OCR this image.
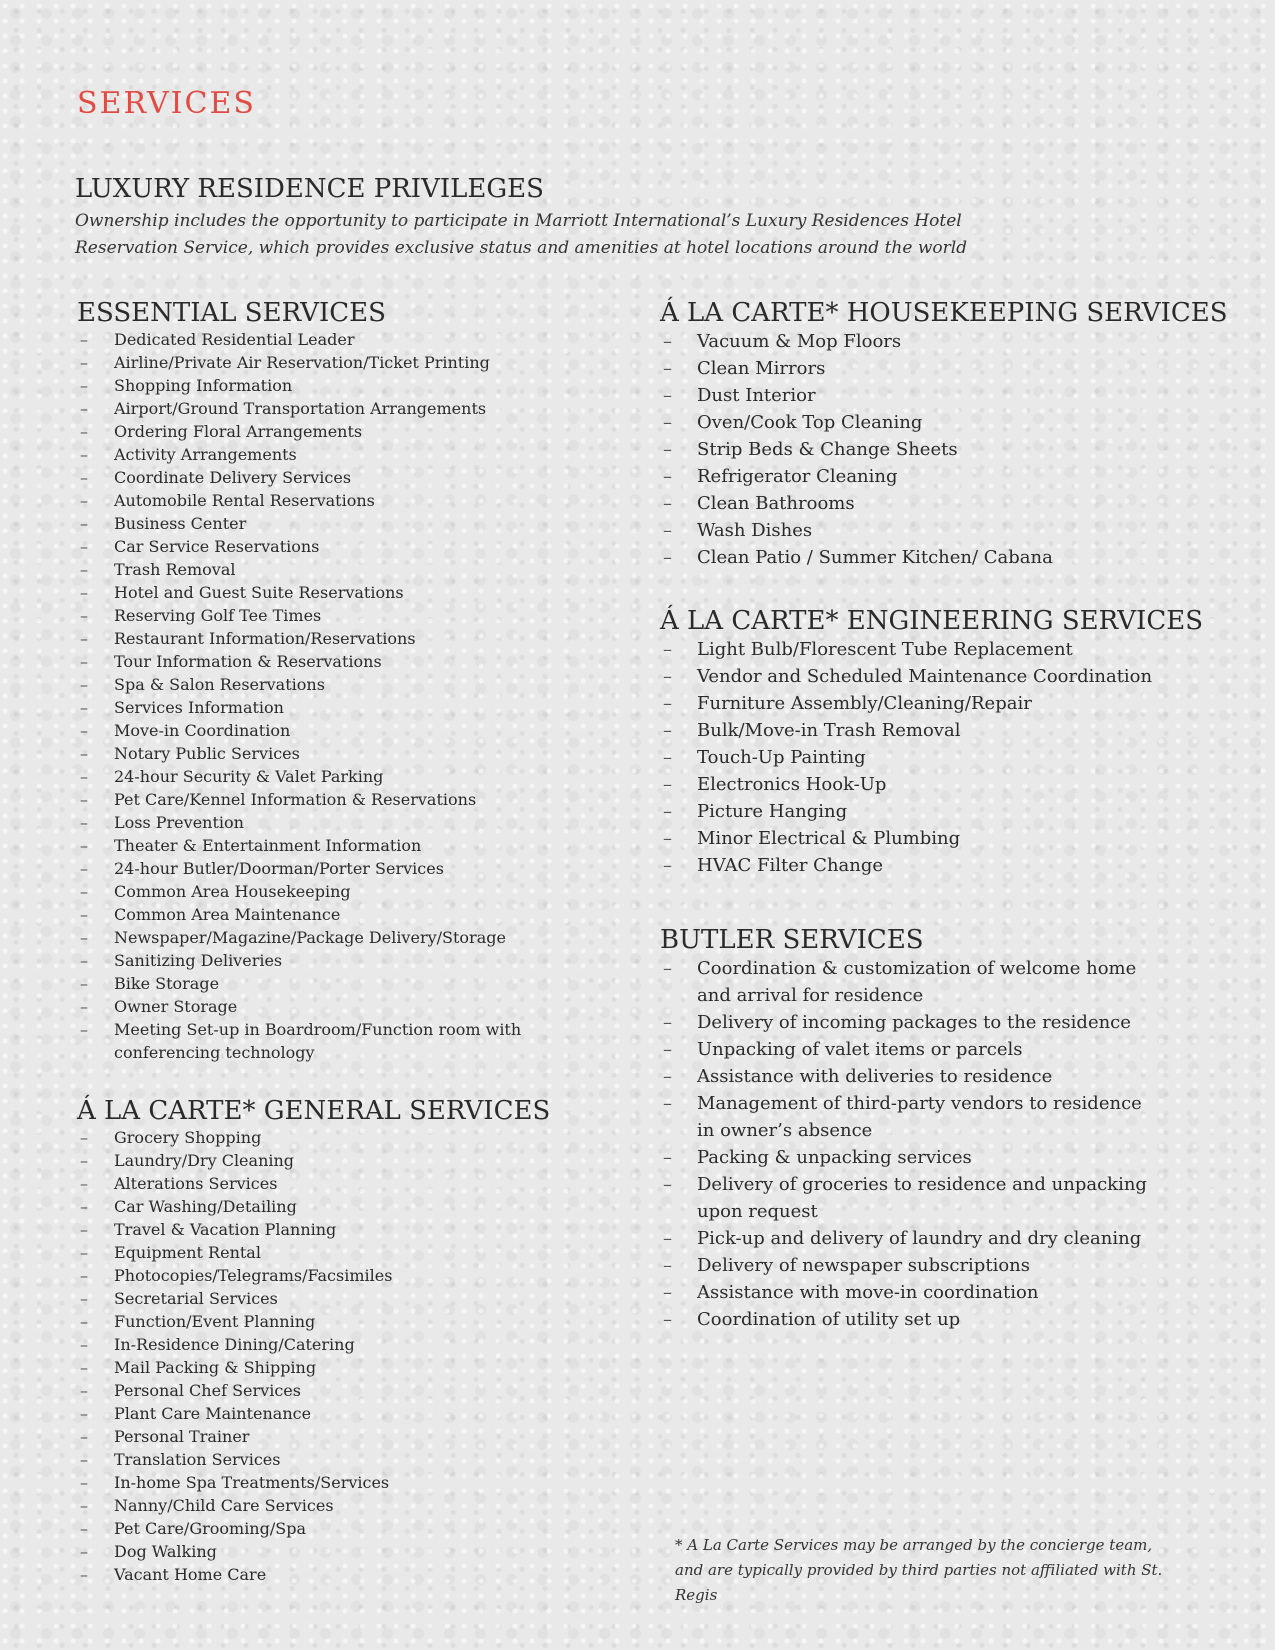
SERVICES
LUXURY RESIDENCE PRIVILEGES
Ownership includes the opportunity to participate in Marriott International’s Luxury Residences Hotel Reservation Service, which provides exclusive status and amenities at hotel locations around the world
ESSENTIAL SERVICES
– Dedicated Residential Leader
– Airline/Private Air Reservation/Ticket Printing
– Shopping Information
– Airport/Ground Transportation Arrangements
– Ordering Floral Arrangements
– Activity Arrangements
– Coordinate Delivery Services
– Automobile Rental Reservations
– Business Center
– Car Service Reservations
– Trash Removal
– Hotel and Guest Suite Reservations
– Reserving Golf Tee Times
– Restaurant Information/Reservations
– Tour Information & Reservations
– Spa & Salon Reservations
– Services Information
– Move-in Coordination
– Notary Public Services
– 24-hour Security & Valet Parking
– Pet Care/Kennel Information & Reservations
– Loss Prevention
– Theater & Entertainment Information
– 24-hour Butler/Doorman/Porter Services
– Common Area Housekeeping
– Common Area Maintenance
– Newspaper/Magazine/Package Delivery/Storage
– Sanitizing Deliveries
– Bike Storage
– Owner Storage
– Meeting Set-up in Boardroom/Function room with conferencing technology
Á LA CARTE* GENERAL SERVICES
– Grocery Shopping
– Laundry/Dry Cleaning
– Alterations Services
– Car Washing/Detailing
– Travel & Vacation Planning
– Equipment Rental
– Photocopies/Telegrams/Facsimiles
– Secretarial Services
– Function/Event Planning
– In-Residence Dining/Catering
– Mail Packing & Shipping
– Personal Chef Services
– Plant Care Maintenance
– Personal Trainer
– Translation Services
– In-home Spa Treatments/Services
– Nanny/Child Care Services
– Pet Care/Grooming/Spa
– Dog Walking
– Vacant Home Care
Á LA CARTE* HOUSEKEEPING SERVICES
– Vacuum & Mop Floors
– Clean Mirrors
– Dust Interior
– Oven/Cook Top Cleaning
– Strip Beds & Change Sheets
– Refrigerator Cleaning
– Clean Bathrooms
– Wash Dishes
– Clean Patio / Summer Kitchen/ Cabana
Á LA CARTE* ENGINEERING SERVICES
– Light Bulb/Florescent Tube Replacement
– Vendor and Scheduled Maintenance Coordination
– Furniture Assembly/Cleaning/Repair
– Bulk/Move-in Trash Removal
– Touch-Up Painting
– Electronics Hook-Up
– Picture Hanging
– Minor Electrical & Plumbing
– HVAC Filter Change
BUTLER SERVICES
– Coordination & customization of welcome home and arrival for residence
– Delivery of incoming packages to the residence
– Unpacking of valet items or parcels
– Assistance with deliveries to residence
– Management of third-party vendors to residence in owner’s absence
– Packing & unpacking services
– Delivery of groceries to residence and unpacking upon request
– Pick-up and delivery of laundry and dry cleaning
– Delivery of newspaper subscriptions
– Assistance with move-in coordination
– Coordination of utility set up
* A La Carte Services may be arranged by the concierge team, and are typically provided by third parties not affiliated with St. Regis
